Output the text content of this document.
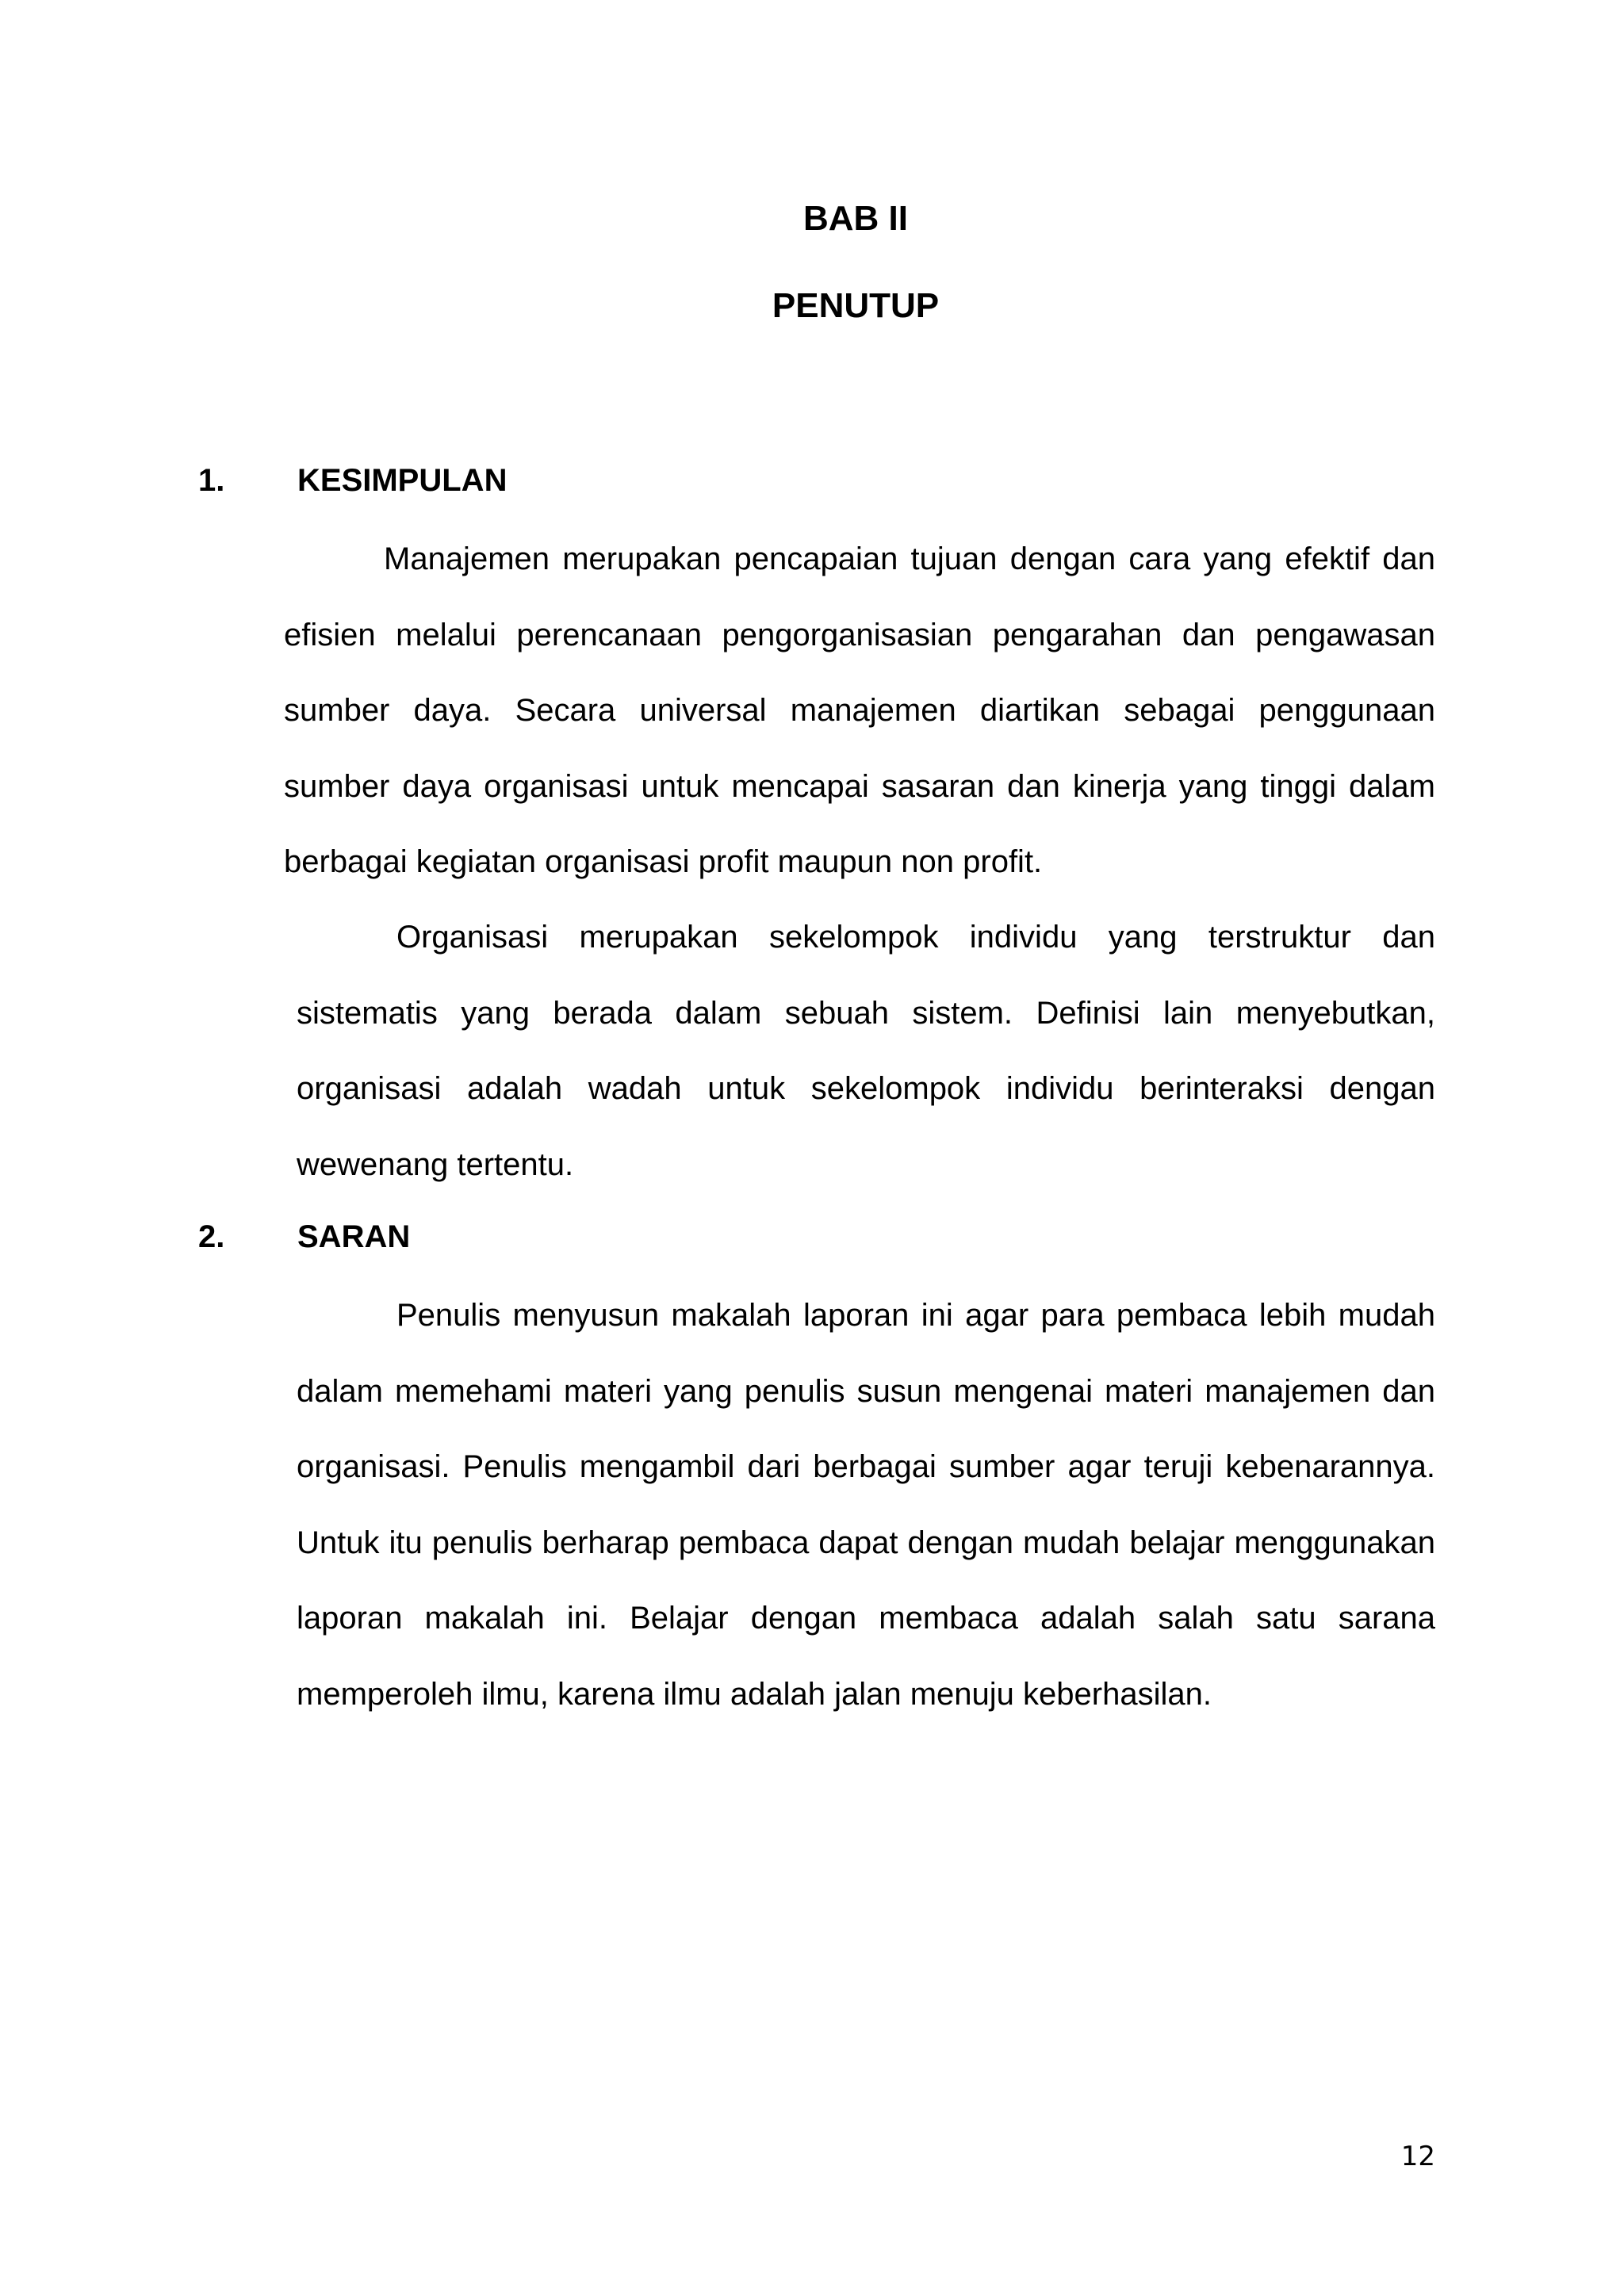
BAB II
PENUTUP
1. KESIMPULAN

Manajemen merupakan pencapaian tujuan dengan cara yang efektif dan efisien melalui perencanaan pengorganisasian pengarahan dan pengawasan sumber daya. Secara universal manajemen diartikan sebagai penggunaan sumber daya organisasi untuk mencapai sasaran dan kinerja yang tinggi dalam berbagai kegiatan organisasi profit maupun non profit.

Organisasi merupakan sekelompok individu yang terstruktur dan sistematis yang berada dalam sebuah sistem. Definisi lain menyebutkan, organisasi adalah wadah untuk sekelompok individu berinteraksi dengan wewenang tertentu.

2. SARAN

Penulis menyusun makalah laporan ini agar para pembaca lebih mudah dalam memehami materi yang penulis susun mengenai materi manajemen dan organisasi. Penulis mengambil dari berbagai sumber agar teruji kebenarannya. Untuk itu penulis berharap pembaca dapat dengan mudah belajar menggunakan laporan makalah ini. Belajar dengan membaca adalah salah satu sarana memperoleh ilmu, karena ilmu adalah jalan menuju keberhasilan.

12
